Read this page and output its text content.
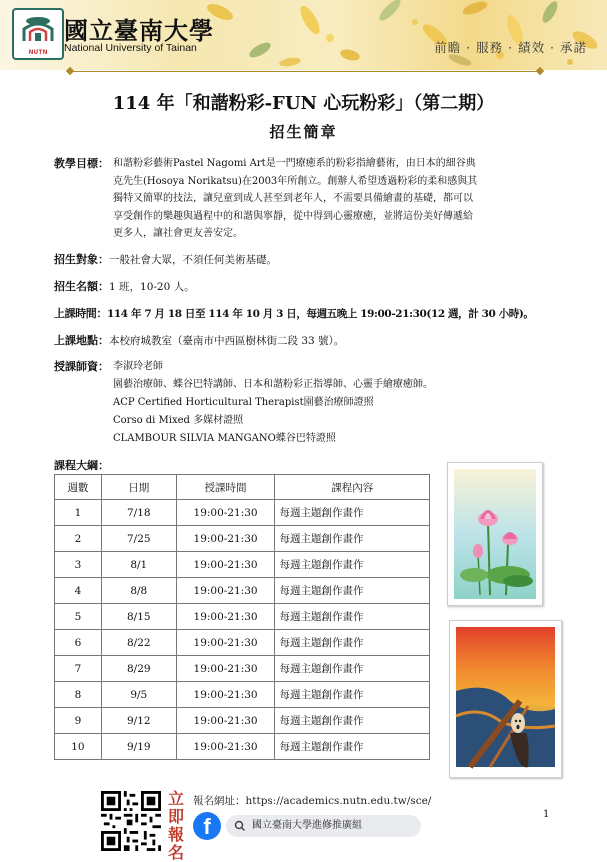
NUTN
國立臺南大學
National University of Tainan	前瞻 · 服務 · 績效 · 承諾
114 年「和諧粉彩-FUN 心玩粉彩」（第二期）
招生簡章
教學目標： 和諧粉彩藝術Pastel Nagomi Art是一門療癒系的粉彩指繪藝術，由日本的細谷典
克先生(Hosoya Norikatsu)在2003年所創立。創辦人希望透過粉彩的柔和感與其
獨特又簡單的技法，讓兒童到成人甚至到老年人，不需要具備繪畫的基礎，都可以
享受創作的樂趣與過程中的和諧與寧靜，從中得到心靈療癒，並將這份美好傳遞給
更多人，讓社會更友善安定。
招生對象：一般社會大眾，不須任何美術基礎。
招生名額：1 班，10-20 人。
上課時間：114 年 7 月 18 日至 114 年 10 月 3 日，每週五晚上 19:00-21:30(12 週，計 30 小時)。
上課地點：本校府城教室（臺南市中西區樹林街二段 33 號）。
授課師資： 李淑玲老師
園藝治療師、蝶谷巴特講師、日本和諧粉彩正指導師、心靈手繪療癒師。
ACP Certified Horticultural Therapist園藝治療師證照
Corso di Mixed 多媒材證照
CLAMBOUR SILVIA MANGANO蝶谷巴特證照
課程大綱：
週數	日期	授課時間	課程內容
1	7/18	19:00-21:30	每週主題創作畫作
2	7/25	19:00-21:30	每週主題創作畫作
3	8/1	19:00-21:30	每週主題創作畫作
4	8/8	19:00-21:30	每週主題創作畫作
5	8/15	19:00-21:30	每週主題創作畫作
6	8/22	19:00-21:30	每週主題創作畫作
7	8/29	19:00-21:30	每週主題創作畫作
8	9/5	19:00-21:30	每週主題創作畫作
9	9/12	19:00-21:30	每週主題創作畫作
10	9/19	19:00-21:30	每週主題創作畫作
立
即
報
名
報名網址：https://academics.nutn.edu.tw/sce/
f	國立臺南大學進修推廣組
1
